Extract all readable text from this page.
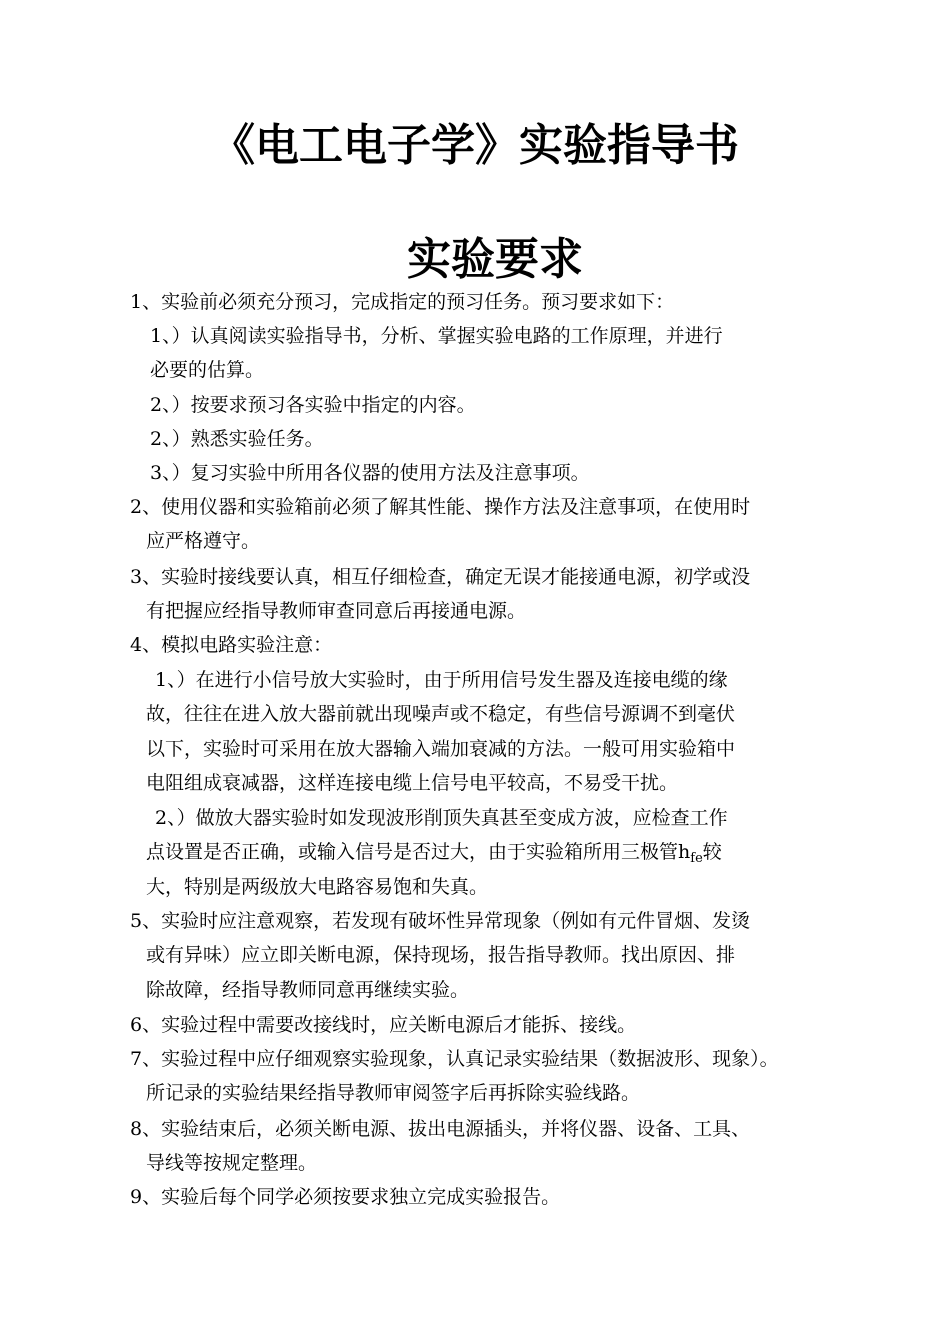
《电工电子学》实验指导书
实验要求
1、实验前必须充分预习，完成指定的预习任务。预习要求如下：
1、）认真阅读实验指导书，分析、掌握实验电路的工作原理，并进行
必要的估算。
2、）按要求预习各实验中指定的内容。
2、）熟悉实验任务。
3、）复习实验中所用各仪器的使用方法及注意事项。
2、使用仪器和实验箱前必须了解其性能、操作方法及注意事项，在使用时
应严格遵守。
3、实验时接线要认真，相互仔细检查，确定无误才能接通电源，初学或没
有把握应经指导教师审查同意后再接通电源。
4、模拟电路实验注意：
1、）在进行小信号放大实验时，由于所用信号发生器及连接电缆的缘
故，往往在进入放大器前就出现噪声或不稳定，有些信号源调不到毫伏
以下，实验时可采用在放大器输入端加衰减的方法。一般可用实验箱中
电阻组成衰减器，这样连接电缆上信号电平较高，不易受干扰。
2、）做放大器实验时如发现波形削顶失真甚至变成方波，应检查工作
点设置是否正确，或输入信号是否过大，由于实验箱所用三极管$h_{fe}$较
大，特别是两级放大电路容易饱和失真。
5、实验时应注意观察，若发现有破坏性异常现象（例如有元件冒烟、发烫
或有异味）应立即关断电源，保持现场，报告指导教师。找出原因、排
除故障，经指导教师同意再继续实验。
6、实验过程中需要改接线时，应关断电源后才能拆、接线。
7、实验过程中应仔细观察实验现象，认真记录实验结果（数据波形、现象）。
所记录的实验结果经指导教师审阅签字后再拆除实验线路。
8、实验结束后，必须关断电源、拔出电源插头，并将仪器、设备、工具、
导线等按规定整理。
9、实验后每个同学必须按要求独立完成实验报告。
